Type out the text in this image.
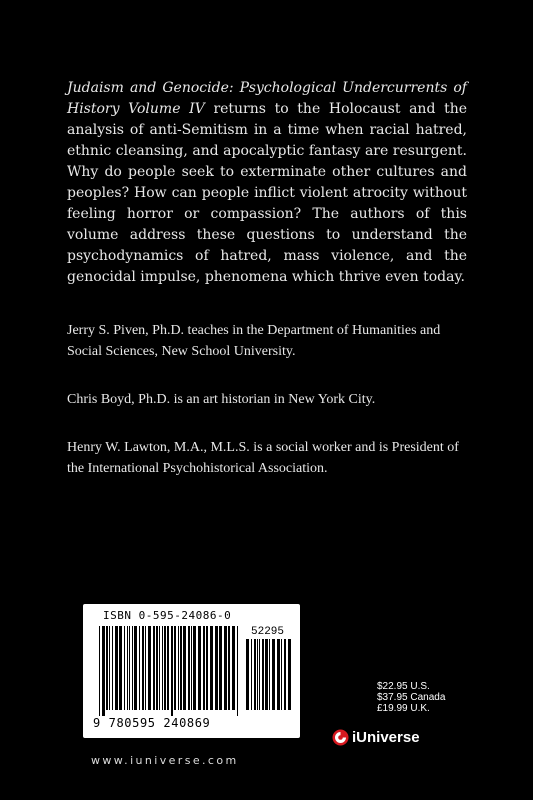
Judaism and Genocide: Psychological Undercurrents of History Volume IV returns to the Holocaust and the analysis of anti-Semitism in a time when racial hatred, ethnic cleansing, and apocalyptic fantasy are resurgent. Why do people seek to exterminate other cultures and peoples? How can people inflict violent atrocity without feeling horror or compassion? The authors of this volume address these questions to understand the psychodynamics of hatred, mass violence, and the genocidal impulse, phenomena which thrive even today.

Jerry S. Piven, Ph.D. teaches in the Department of Humanities and Social Sciences, New School University.

Chris Boyd, Ph.D. is an art historian in New York City.

Henry W. Lawton, M.A., M.L.S. is a social worker and is President of the International Psychohistorical Association.

ISBN 0-595-24086-0
52295
9 780595 240869
www.iuniverse.com
$22.95 U.S.
$37.95 Canada
£19.99 U.K.
iUniverse
